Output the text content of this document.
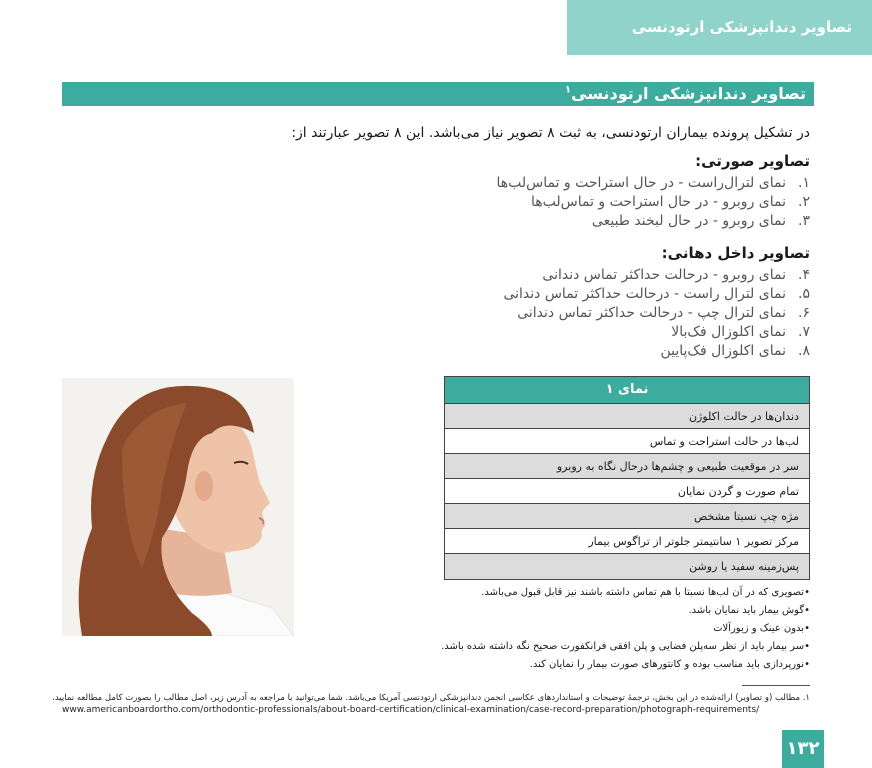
تصاویر دندانپزشکی ارتودنسی
تصاویر دندانپزشکی ارتودنسی$^۱$
در تشکیل پرونده بیماران ارتودنسی، به ثبت ۸ تصویر نیاز می‌باشد. این ۸ تصویر عبارتند از:
تصاویر صورتی:
۱.نمای لترال‌راست - در حال استراحت و تماس‌لب‌ها
۲.نمای روبرو - در حال استراحت و تماس‌لب‌ها
۳.نمای روبرو - در حال لبخند طبیعی
تصاویر داخل دهانی:
۴.نمای روبرو - درحالت حداکثر تماس دندانی
۵.نمای لترال راست - درحالت حداکثر تماس دندانی
۶.نمای لترال چپ - درحالت حداکثر تماس دندانی
۷.نمای اکلوزال فک‌بالا
۸.نمای اکلوزال فک‌پایین
نمای ۱
دندان‌ها در حالت اکلوژن
لب‌ها در حالت استراحت و تماس
سر در موقعیت طبیعی و چشم‌ها درحال نگاه به روبرو
تمام صورت و گردن نمایان
مژه چپ نسبتا مشخص
مرکز تصویر ۱ سانتیمتر جلوتر از تراگوس بیمار
پس‌زمینه سفید یا روشن
• تصویری که در آن لب‌ها نسبتا با هم تماس داشته باشند نیز قابل قبول می‌باشد.
• گوش بیمار باید نمایان باشد.
• بدون عینک و زیورآلات
• سر بیمار باید از نظر سه‌پلن فضایی و پلن افقی فرانکفورت صحیح نگه داشته شده باشد.
• نورپردازی باید مناسب بوده و کانتورهای صورت بیمار را نمایان کند.
۱. مطالب (و تصاویر) ارائه‌شده در این بخش، ترجمهٔ توضیحات و استانداردهای عکاسی انجمن دندانپزشکی ارتودنسی آمریکا می‌باشد. شما می‌توانید با مراجعه به آدرس زیر، اصل مطالب را بصورت کامل مطالعه نمایید.
www.americanboardortho.com/orthodontic-professionals/about-board-certification/clinical-examination/case-record-preparation/photograph-requirements/
۱۳۲
